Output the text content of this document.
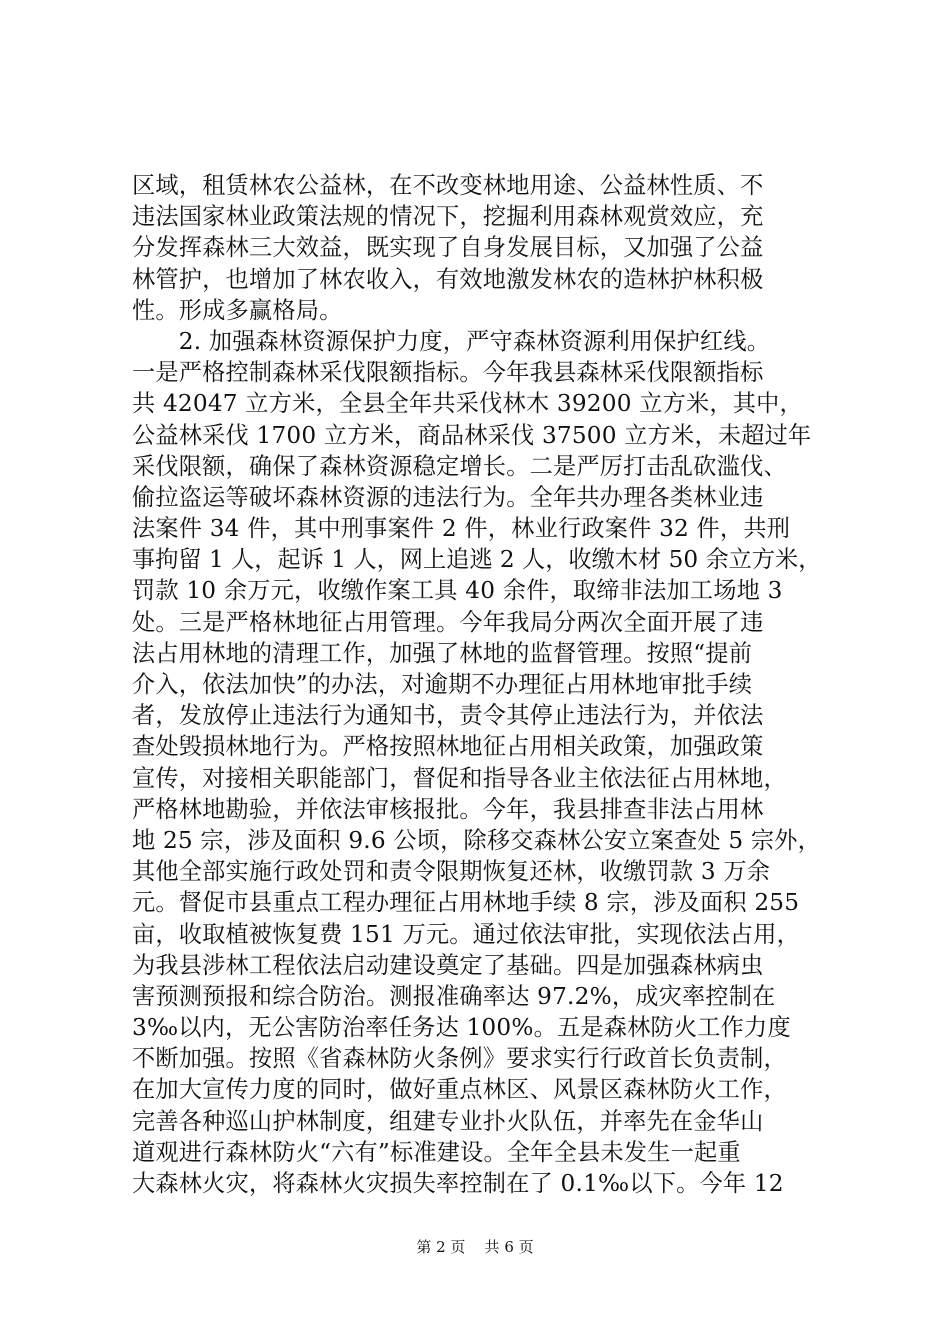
区域，租赁林农公益林，在不改变林地用途、公益林性质、不
违法国家林业政策法规的情况下，挖掘利用森林观赏效应，充
分发挥森林三大效益，既实现了自身发展目标，又加强了公益
林管护，也增加了林农收入，有效地激发林农的造林护林积极
性。形成多赢格局。
　　2. 加强森林资源保护力度，严守森林资源利用保护红线。
一是严格控制森林采伐限额指标。今年我县森林采伐限额指标
共 42047 立方米，全县全年共采伐林木 39200 立方米，其中，
公益林采伐 1700 立方米，商品林采伐 37500 立方米，未超过年
采伐限额，确保了森林资源稳定增长。二是严厉打击乱砍滥伐、
偷拉盗运等破坏森林资源的违法行为。全年共办理各类林业违
法案件 34 件，其中刑事案件 2 件，林业行政案件 32 件，共刑
事拘留 1 人，起诉 1 人，网上追逃 2 人，收缴木材 50 余立方米，
罚款 10 余万元，收缴作案工具 40 余件，取缔非法加工场地 3
处。三是严格林地征占用管理。今年我局分两次全面开展了违
法占用林地的清理工作，加强了林地的监督管理。按照“提前
介入，依法加快”的办法，对逾期不办理征占用林地审批手续
者，发放停止违法行为通知书，责令其停止违法行为，并依法
查处毁损林地行为。严格按照林地征占用相关政策，加强政策
宣传，对接相关职能部门，督促和指导各业主依法征占用林地，
严格林地勘验，并依法审核报批。今年，我县排查非法占用林
地 25 宗，涉及面积 9.6 公顷，除移交森林公安立案查处 5 宗外，
其他全部实施行政处罚和责令限期恢复还林，收缴罚款 3 万余
元。督促市县重点工程办理征占用林地手续 8 宗，涉及面积 255
亩，收取植被恢复费 151 万元。通过依法审批，实现依法占用，
为我县涉林工程依法启动建设奠定了基础。四是加强森林病虫
害预测预报和综合防治。测报准确率达 97.2%，成灾率控制在
3‰以内，无公害防治率任务达 100%。五是森林防火工作力度
不断加强。按照《省森林防火条例》要求实行行政首长负责制，
在加大宣传力度的同时，做好重点林区、风景区森林防火工作，
完善各种巡山护林制度，组建专业扑火队伍，并率先在金华山
道观进行森林防火“六有”标准建设。全年全县未发生一起重
大森林火灾，将森林火灾损失率控制在了 0.1‰以下。今年 12
第 2 页 共 6 页
